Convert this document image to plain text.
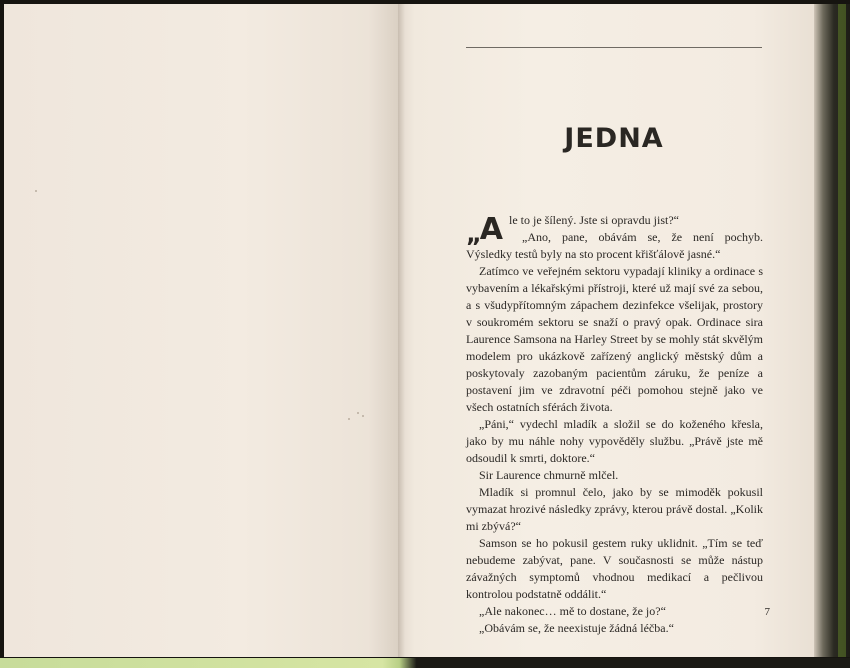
JEDNA

„ A le to je šílený. Jste si opravdu jist?“

„Ano, pane, obávám se, že není pochyb. Výsledky testů byly na sto procent křišťálově jasné.“

Zatímco ve veřejném sektoru vypadají kliniky a ordinace s vybavením a lékařskými přístroji, které už mají své za sebou, a s všudypřítomným zápachem dezinfekce všelijak, prostory v soukromém sektoru se snaží o pravý opak. Ordinace sira Laurence Samsona na Harley Street by se mohly stát skvělým modelem pro ukázkově zařízený anglický městský dům a poskytovaly zazobaným pacientům záruku, že peníze a postavení jim ve zdravotní péči pomohou stejně jako ve všech ostatních sférách života.

„Páni,“ vydechl mladík a složil se do koženého křesla, jako by mu náhle nohy vypověděly službu. „Právě jste mě odsoudil k smrti, doktore.“

Sir Laurence chmurně mlčel.

Mladík si promnul čelo, jako by se mimoděk pokusil vymazat hrozivé následky zprávy, kterou právě dostal. „Kolik mi zbývá?“

Samson se ho pokusil gestem ruky uklidnit. „Tím se teď nebudeme zabývat, pane. V současnosti se může nástup závažných symptomů vhodnou medikací a pečlivou kontrolou podstatně oddálit.“

„Ale nakonec… mě to dostane, že jo?“

„Obávám se, že neexistuje žádná léčba.“

7
